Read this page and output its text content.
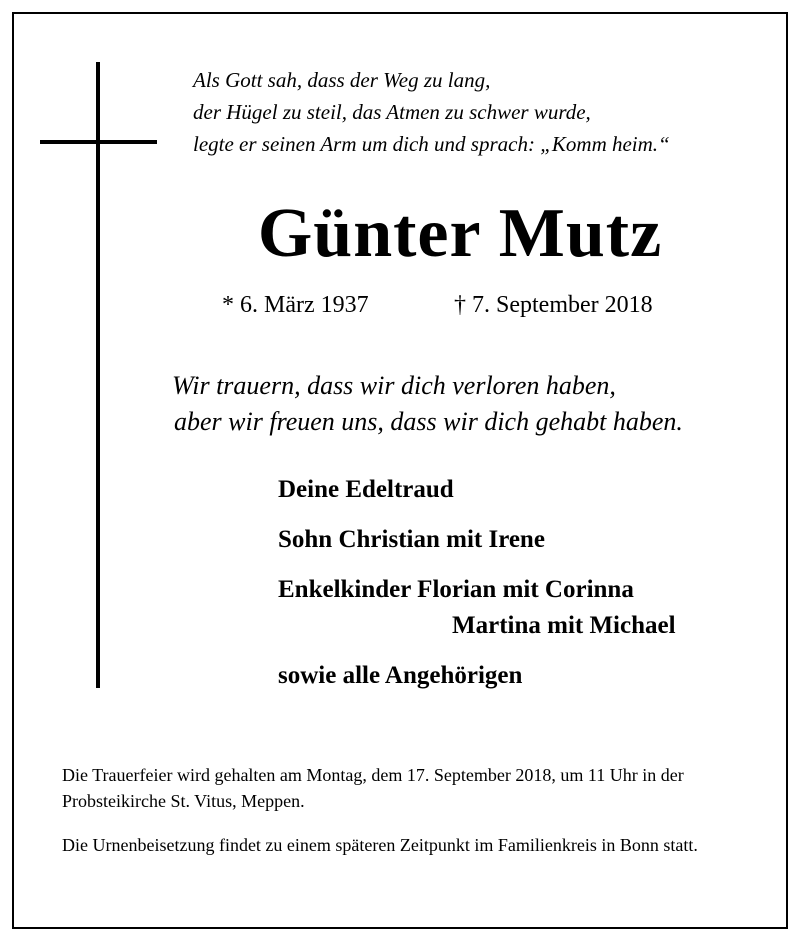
Als Gott sah, dass der Weg zu lang,
der Hügel zu steil, das Atmen zu schwer wurde,
legte er seinen Arm um dich und sprach: „Komm heim.“
Günter Mutz
* 6. März 1937	† 7. September 2018
Wir trauern, dass wir dich verloren haben,
aber wir freuen uns, dass wir dich gehabt haben.
Deine Edeltraud
Sohn Christian mit Irene
Enkelkinder Florian mit Corinna
Martina mit Michael
sowie alle Angehörigen
Die Trauerfeier wird gehalten am Montag, dem 17. September 2018, um 11 Uhr in der Probsteikirche St. Vitus, Meppen.
Die Urnenbeisetzung findet zu einem späteren Zeitpunkt im Familienkreis in Bonn statt.
